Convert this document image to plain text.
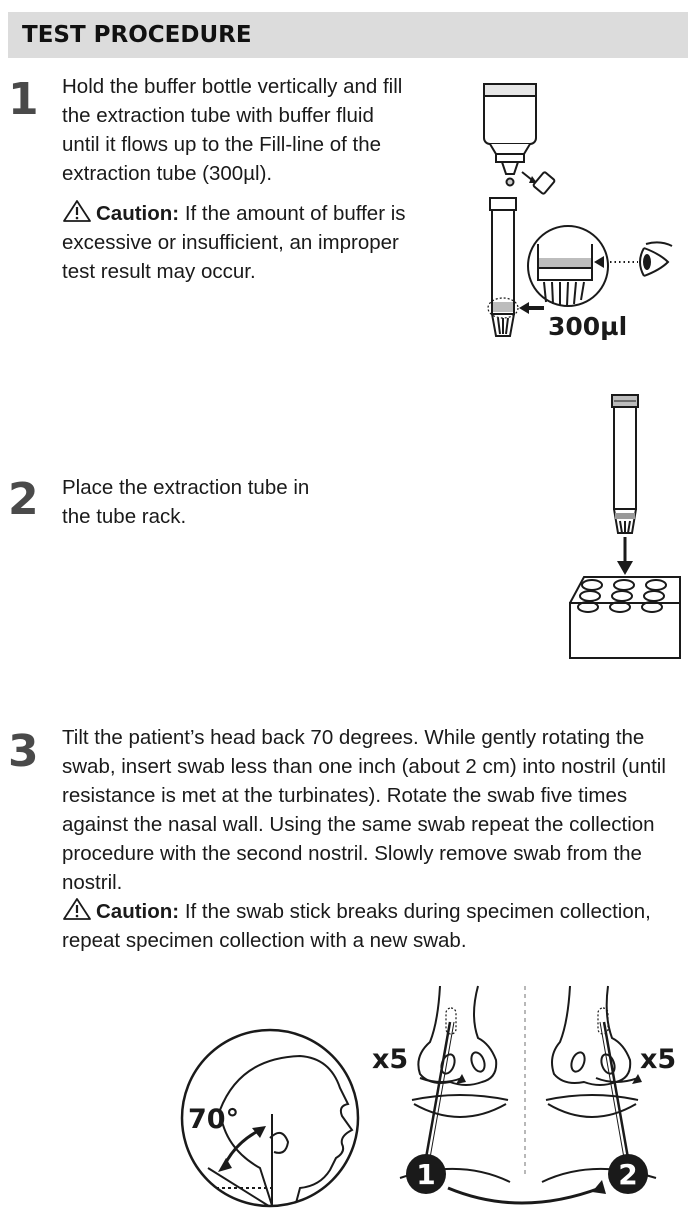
TEST PROCEDURE
1 Hold the buffer bottle vertically and fill the extraction tube with buffer fluid until it flows up to the Fill-line of the extraction tube (300µl).
Caution: If the amount of buffer is excessive or insufficient, an improper test result may occur.
300µl
2 Place the extraction tube in the tube rack.
3 Tilt the patient’s head back 70 degrees. While gently rotating the swab, insert swab less than one inch (about 2 cm) into nostril (until resistance is met at the turbinates). Rotate the swab five times against the nasal wall. Using the same swab repeat the collection procedure with the second nostril. Slowly remove swab from the nostril.
Caution: If the swab stick breaks during specimen collection, repeat specimen collection with a new swab.
70°
x5	x5
1	2
